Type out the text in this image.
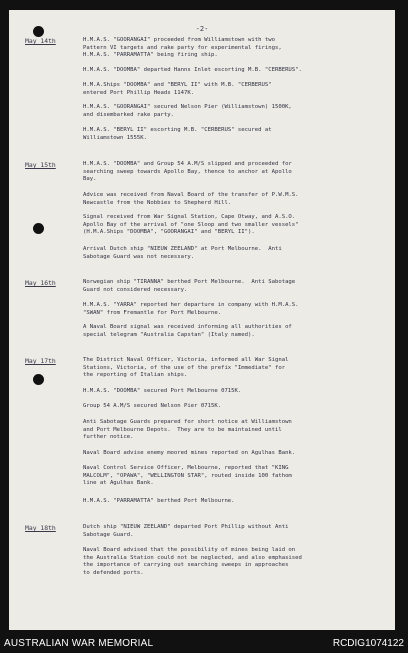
-2-
May 14th	H.M.A.S. "GOORANGAI" proceeded from Williamstown with two
Pattern VI targets and rake party for experimental firings,
H.M.A.S. "PARRAMATTA" being firing ship.
H.M.A.S. "DOOMBA" departed Hanns Inlet escorting M.B. "CERBERUS".
H.M.A.Ships "DOOMBA" and "BERYL II" with M.B. "CERBERUS"
entered Port Phillip Heads 1147K.
H.M.A.S. "GOORANGAI" secured Nelson Pier (Williamstown) 1500K,
and disembarked rake party.
H.M.A.S. "BERYL II" escorting M.B. "CERBERUS" secured at
Williamstown 1555K.
May 15th	H.M.A.S. "DOOMBA" and Group 54 A.M/S slipped and proceeded for
searching sweep towards Apollo Bay, thence to anchor at Apollo
Bay.
Advice was received from Naval Board of the transfer of P.W.M.S.
Newcastle from the Nobbies to Shepherd Hill.
Signal received from War Signal Station, Cape Otway, and A.S.O.
Apollo Bay of the arrival of "one Sloop and two smaller vessels"
(H.M.A.Ships "DOOMBA", "GOORANGAI" and "BERYL II").
Arrival Dutch ship "NIEUW ZEELAND" at Port Melbourne.  Anti
Sabotage Guard was not necessary.
May 16th	Norwegian ship "TIRANNA" berthed Port Melbourne.  Anti Sabotage
Guard not considered necessary.
H.M.A.S. "YARRA" reported her departure in company with H.M.A.S.
"SWAN" from Fremantle for Port Melbourne.
A Naval Board signal was received informing all authorities of
special telegram "Australia Capstan" (Italy named).
May 17th	The District Naval Officer, Victoria, informed all War Signal
Stations, Victoria, of the use of the prefix "Immediate" for
the reporting of Italian ships.
H.M.A.S. "DOOMBA" secured Port Melbourne 0715K.
Group 54 A.M/S secured Nelson Pier 0715K.
Anti Sabotage Guards prepared for short notice at Williamstown
and Port Melbourne Depots.  They are to be maintained until
further notice.
Naval Board advise enemy moored mines reported on Agulhas Bank.
Naval Control Service Officer, Melbourne, reported that "KING
MALCOLM", "OPAWA", "WELLINGTON STAR", routed inside 100 fathom
line at Agulhas Bank.
H.M.A.S. "PARRAMATTA" berthed Port Melbourne.
May 18th	Dutch ship "NIEUW ZEELAND" departed Port Phillip without Anti
Sabotage Guard.
Naval Board advised that the possibility of mines being laid on
the Australia Station could not be neglected, and also emphasised
the importance of carrying out searching sweeps in approaches
to defended ports.
AUSTRALIAN WAR MEMORIAL	RCDIG1074122
